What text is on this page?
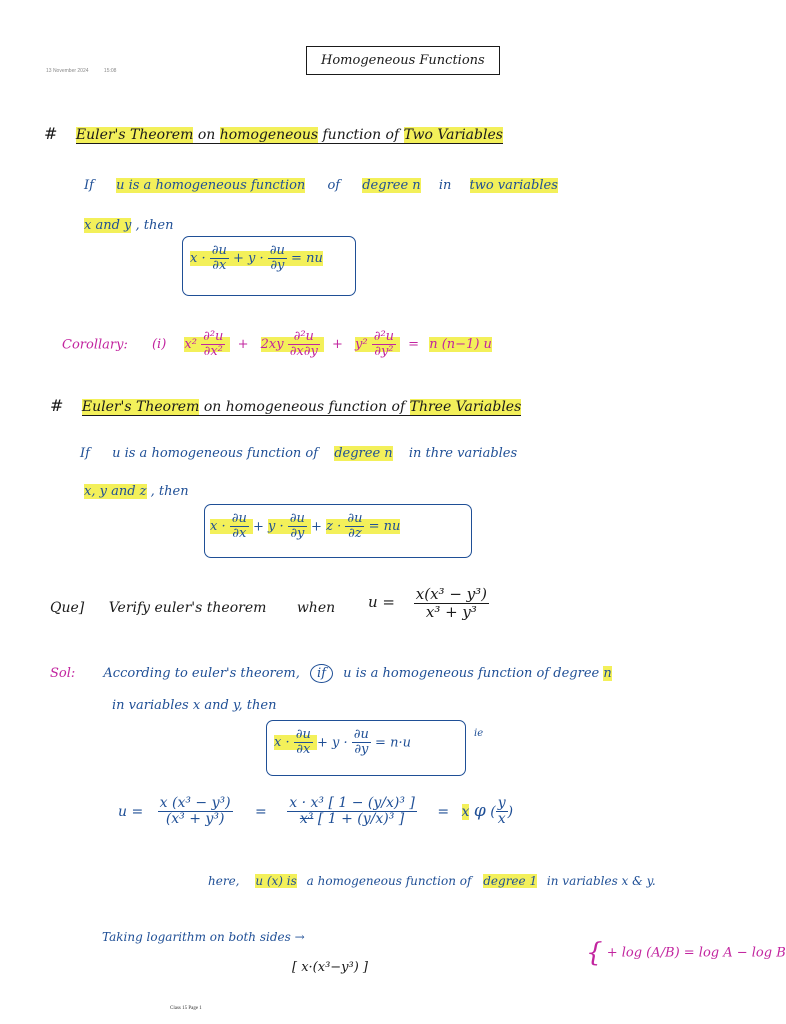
13 November 2024	15:08
Homogeneous Functions
# Euler's Theorem on homogeneous function of Two Variables
If u is a homogeneous function of degree n in two variables
x and y , then
$x \cdot \frac{\partial u}{\partial x} + y \cdot \frac{\partial u}{\partial y}$ = nu
Corollary: (i) $x^2 \frac{\text{∂²u}}{\text{∂x²}} + 2xy \frac{\text{∂²u}}{\partial x\partial y} + y^2 \frac{\text{∂²u}}{\text{∂y²}} = n$ (n−1) u
# Euler's Theorem on homogeneous function of Three Variables
If u is a homogeneous function of degree n in thre variables
x, y and z , then
$x \cdot \frac{\partial u}{\partial x} + y \cdot \frac{\partial u}{\partial y} + z \cdot \frac{\partial u}{\partial z}$ = nu
Que] Verify euler's theorem when $u = \frac{\text{x(x³ − y³)}}{\text{x³ + y³}}$
Sol: According to euler's theorem, if u is a homogeneous function of degree n
in variables x and y, then
$x \cdot \frac{\partial u}{\partial x} + y \cdot \frac{\partial u}{\partial y} = n\cdot u$
ie
$u = \frac{\text{x (x³ − y³)}}{\text{(x³ + y³)}} = \frac{\text{x · x³ [ 1 − (y/x)³ ]}}{\text{x³ [ 1 + (y/x)³ ]}} = x$ φ ( $\frac{y}{x}$ )
here, u (x) is a homogeneous function of degree 1 in variables x & y.
Taking logarithm on both sides →
[ x·(x³−y³) ]	{ + log (A/B) = log A − log B
Class 15 Page 1
